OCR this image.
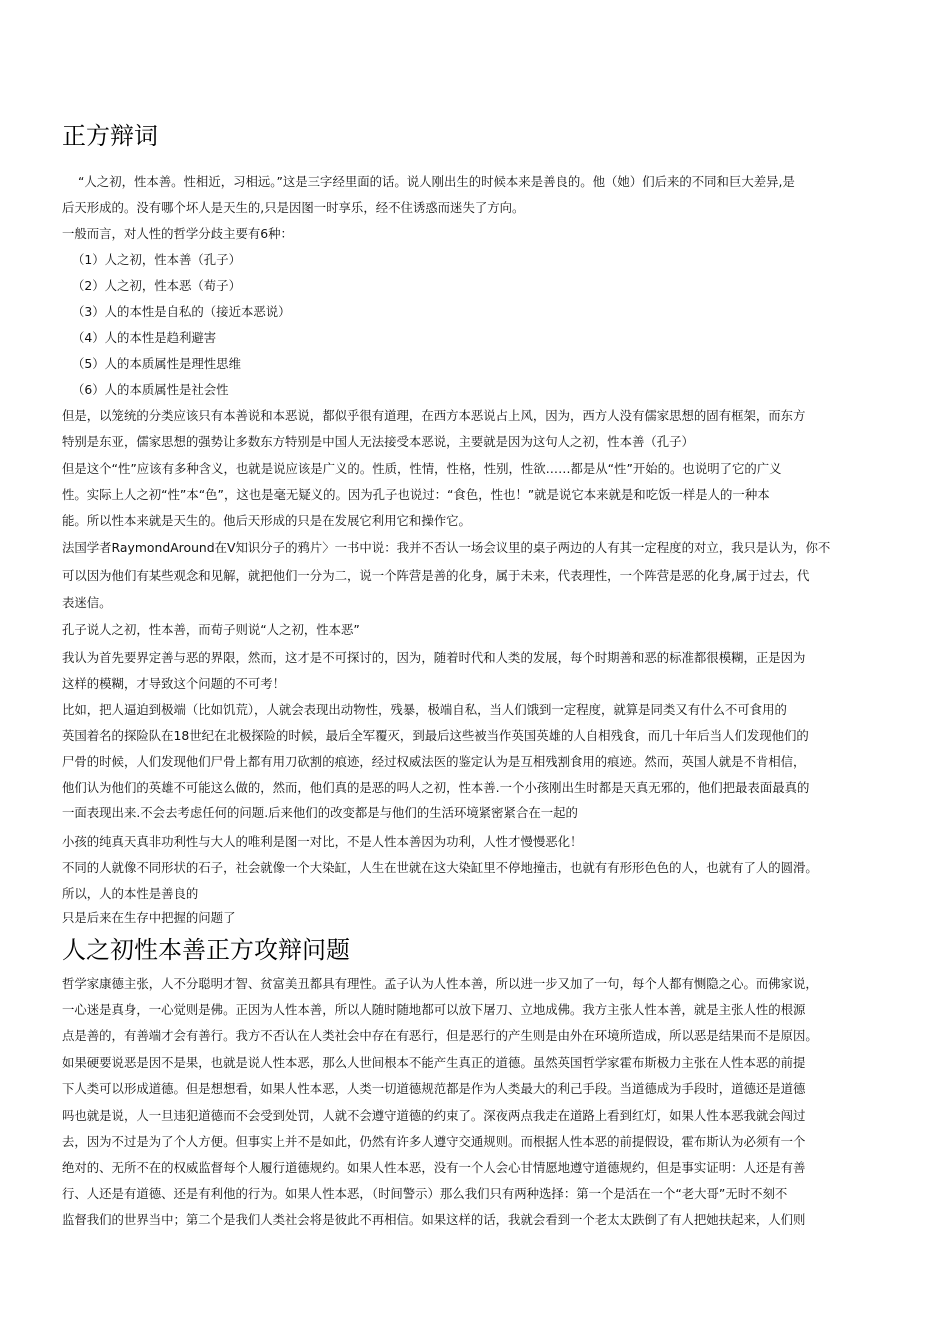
正方辩词
“人之初，性本善。性相近，习相远。”这是三字经里面的话。说人刚出生的时候本来是善良的。他（她）们后来的不同和巨大差异,是
后天形成的。没有哪个坏人是天生的,只是因图一时享乐，经不住诱惑而迷失了方向。
一般而言，对人性的哲学分歧主要有6种：
（1）人之初，性本善（孔子）
（2）人之初，性本恶（荀子）
（3）人的本性是自私的（接近本恶说）
（4）人的本性是趋利避害
（5）人的本质属性是理性思维
（6）人的本质属性是社会性
但是，以笼统的分类应该只有本善说和本恶说，都似乎很有道理，在西方本恶说占上风，因为，西方人没有儒家思想的固有框架，而东方
特别是东亚，儒家思想的强势让多数东方特别是中国人无法接受本恶说，主要就是因为这句人之初，性本善（孔子）
但是这个“性”应该有多种含义，也就是说应该是广义的。性质，性情，性格，性别，性欲……都是从“性”开始的。也说明了它的广义
性。实际上人之初“性”本“色”，这也是毫无疑义的。因为孔子也说过：“食色，性也！”就是说它本来就是和吃饭一样是人的一种本
能。所以性本来就是天生的。他后天形成的只是在发展它利用它和操作它。
法国学者RaymondAround在V知识分子的鸦片〉一书中说：我并不否认一场会议里的桌子两边的人有其一定程度的对立，我只是认为，你不
可以因为他们有某些观念和见解，就把他们一分为二，说一个阵营是善的化身，属于未来，代表理性，一个阵营是恶的化身,属于过去，代
表迷信。
孔子说人之初，性本善，而荀子则说“人之初，性本恶”
我认为首先要界定善与恶的界限，然而，这才是不可探讨的，因为，随着时代和人类的发展，每个时期善和恶的标准都很模糊，正是因为
这样的模糊，才导致这个问题的不可考！
比如，把人逼迫到极端（比如饥荒），人就会表现出动物性，残暴，极端自私，当人们饿到一定程度，就算是同类又有什么不可食用的
英国着名的探险队在18世纪在北极探险的时候，最后全军覆灭，到最后这些被当作英国英雄的人自相残食，而几十年后当人们发现他们的
尸骨的时候，人们发现他们尸骨上都有用刀砍割的痕迹，经过权威法医的鉴定认为是互相残割食用的痕迹。然而，英国人就是不肯相信，
他们认为他们的英雄不可能这么做的，然而，他们真的是恶的吗人之初，性本善.一个小孩刚出生时都是天真无邪的，他们把最表面最真的
一面表现出来.不会去考虑任何的问题.后来他们的改变都是与他们的生活环境紧密紧合在一起的
小孩的纯真天真非功利性与大人的唯利是图一对比，不是人性本善因为功利，人性才慢慢恶化！
不同的人就像不同形状的石子，社会就像一个大染缸，人生在世就在这大染缸里不停地撞击，也就有有形形色色的人，也就有了人的圆滑。
所以，人的本性是善良的
只是后来在生存中把握的问题了
人之初性本善正方攻辩问题
哲学家康德主张，人不分聪明才智、贫富美丑都具有理性。孟子认为人性本善，所以进一步又加了一句，每个人都有恻隐之心。而佛家说，
一心迷是真身，一心觉则是佛。正因为人性本善，所以人随时随地都可以放下屠刀、立地成佛。我方主张人性本善，就是主张人性的根源
点是善的，有善端才会有善行。我方不否认在人类社会中存在有恶行，但是恶行的产生则是由外在环境所造成，所以恶是结果而不是原因。
如果硬要说恶是因不是果，也就是说人性本恶，那么人世间根本不能产生真正的道德。虽然英国哲学家霍布斯极力主张在人性本恶的前提
下人类可以形成道德。但是想想看，如果人性本恶，人类一切道德规范都是作为人类最大的利己手段。当道德成为手段时，道德还是道德
吗也就是说，人一旦违犯道德而不会受到处罚，人就不会遵守道德的约束了。深夜两点我走在道路上看到红灯，如果人性本恶我就会闯过
去，因为不过是为了个人方便。但事实上并不是如此，仍然有许多人遵守交通规则。而根据人性本恶的前提假设，霍布斯认为必须有一个
绝对的、无所不在的权威监督每个人履行道德规约。如果人性本恶，没有一个人会心甘情愿地遵守道德规约，但是事实证明：人还是有善
行、人还是有道德、还是有利他的行为。如果人性本恶，（时间警示）那么我们只有两种选择：第一个是活在一个“老大哥”无时不刻不
监督我们的世界当中；第二个是我们人类社会将是彼此不再相信。如果这样的话，我就会看到一个老太太跌倒了有人把她扶起来，人们则
